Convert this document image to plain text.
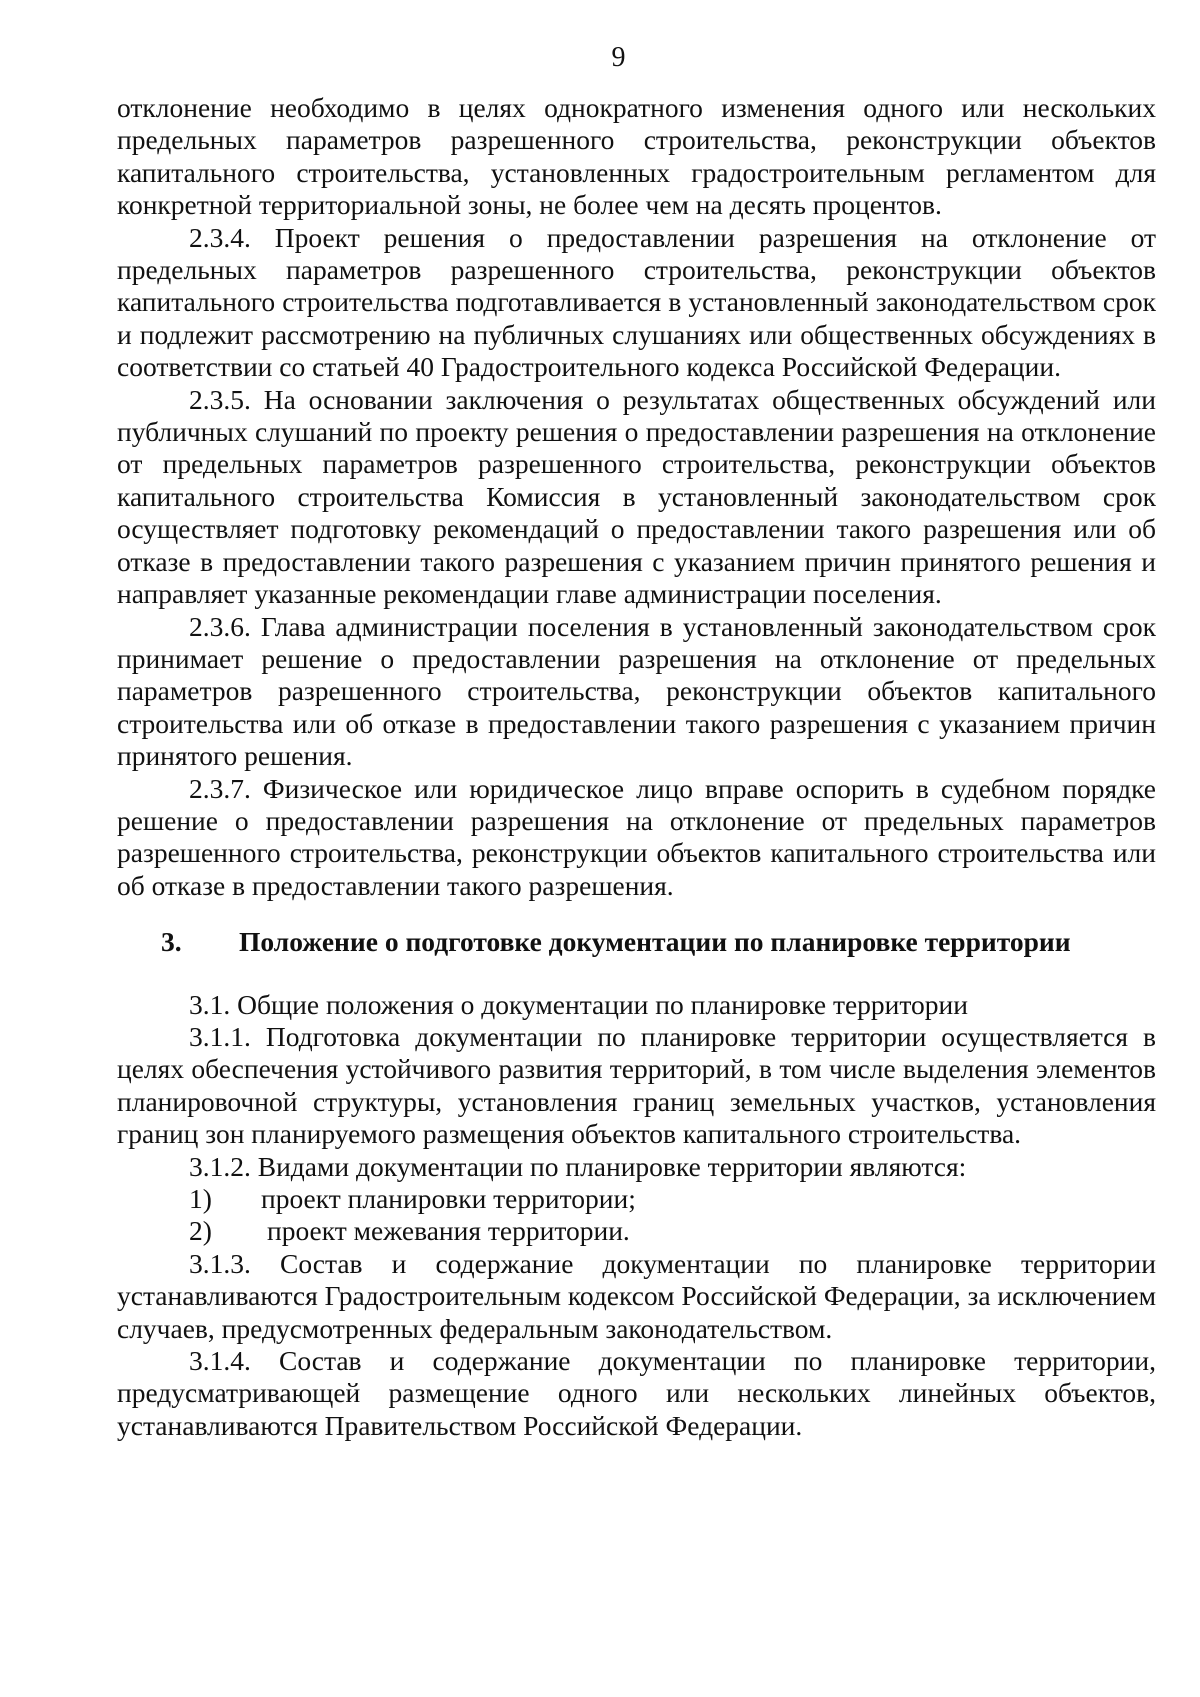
9

отклонение необходимо в целях однократного изменения одного или нескольких предельных параметров разрешенного строительства, реконструкции объектов капитального строительства, установленных градостроительным регламентом для конкретной территориальной зоны, не более чем на десять процентов.

2.3.4. Проект решения о предоставлении разрешения на отклонение от предельных параметров разрешенного строительства, реконструкции объектов капитального строительства подготавливается в установленный законодательством срок и подлежит рассмотрению на публичных слушаниях или общественных обсуждениях в соответствии со статьей 40 Градостроительного кодекса Российской Федерации.

2.3.5. На основании заключения о результатах общественных обсуждений или публичных слушаний по проекту решения о предоставлении разрешения на отклонение от предельных параметров разрешенного строительства, реконструкции объектов капитального строительства Комиссия в установленный законодательством срок осуществляет подготовку рекомендаций о предоставлении такого разрешения или об отказе в предоставлении такого разрешения с указанием причин принятого решения и направляет указанные рекомендации главе администрации поселения.

2.3.6. Глава администрации поселения в установленный законодательством срок принимает решение о предоставлении разрешения на отклонение от предельных параметров разрешенного строительства, реконструкции объектов капитального строительства или об отказе в предоставлении такого разрешения с указанием причин принятого решения.

2.3.7. Физическое или юридическое лицо вправе оспорить в судебном порядке решение о предоставлении разрешения на отклонение от предельных параметров разрешенного строительства, реконструкции объектов капитального строительства или об отказе в предоставлении такого разрешения.

3.	Положение о подготовке документации по планировке территории

3.1. Общие положения о документации по планировке территории

3.1.1. Подготовка документации по планировке территории осуществляется в целях обеспечения устойчивого развития территорий, в том числе выделения элементов планировочной структуры, установления границ земельных участков, установления границ зон планируемого размещения объектов капитального строительства.

3.1.2. Видами документации по планировке территории являются:

1)	проект планировки территории;
2)	проект межевания территории.

3.1.3. Состав и содержание документации по планировке территории устанавливаются Градостроительным кодексом Российской Федерации, за исключением случаев, предусмотренных федеральным законодательством.

3.1.4. Состав и содержание документации по планировке территории, предусматривающей размещение одного или нескольких линейных объектов, устанавливаются Правительством Российской Федерации.
